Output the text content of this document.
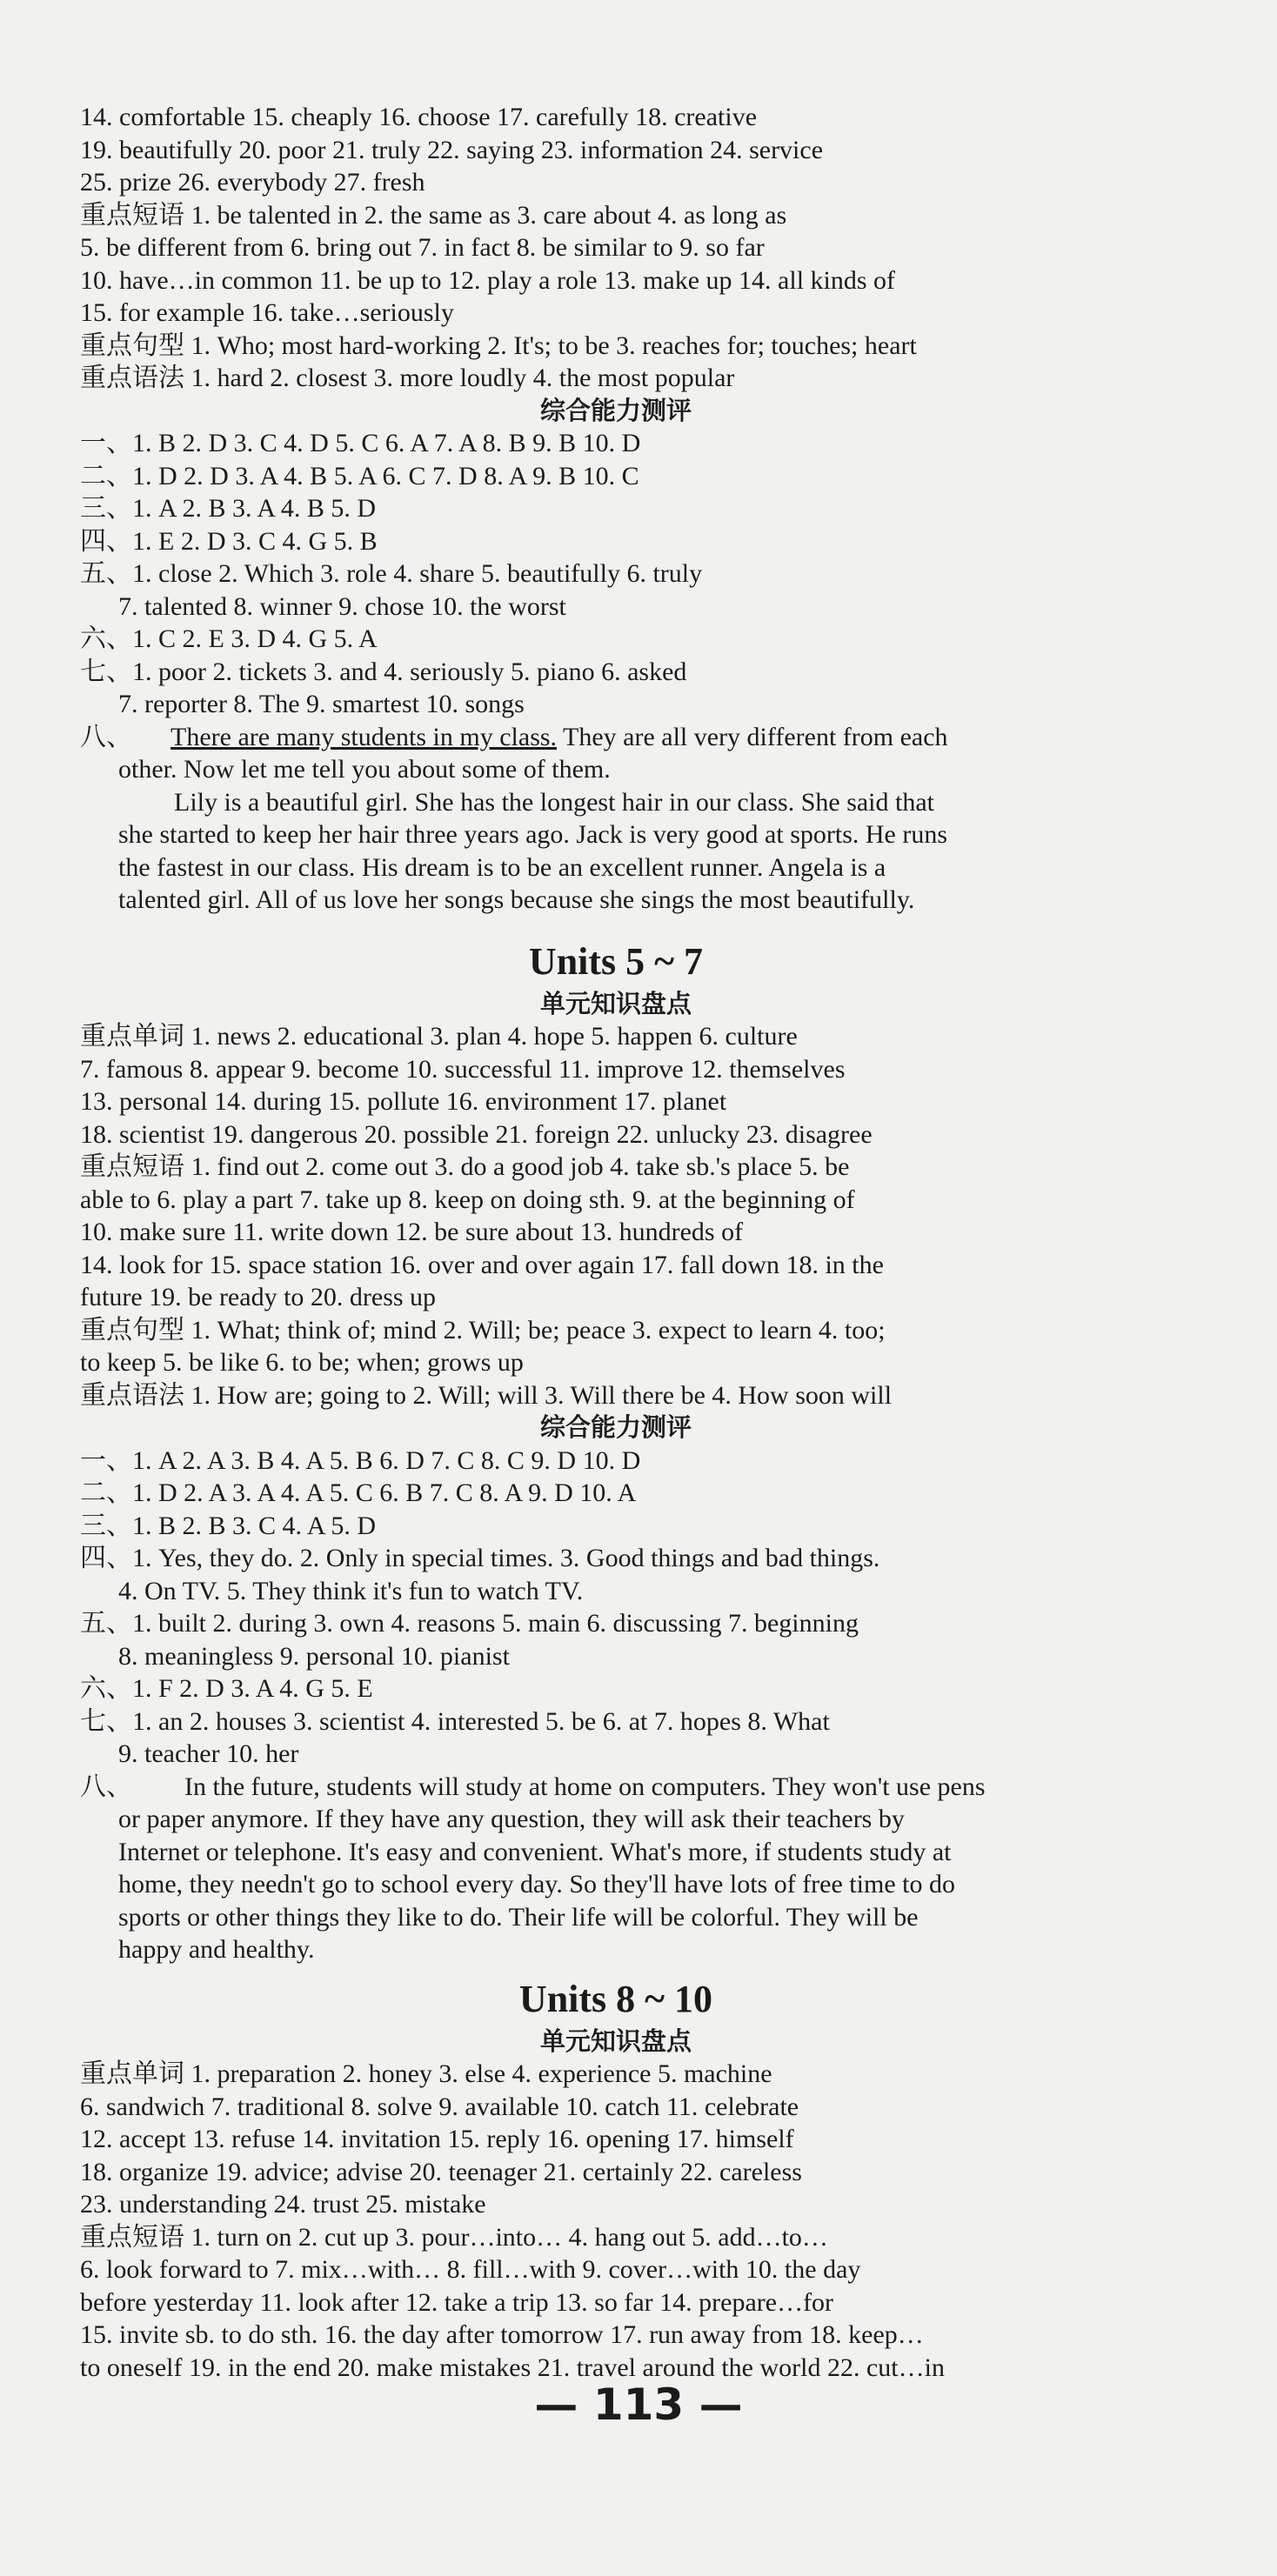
14. comfortable 15. cheaply 16. choose 17. carefully 18. creative
19. beautifully 20. poor 21. truly 22. saying 23. information 24. service
25. prize 26. everybody 27. fresh
重点短语 1. be talented in 2. the same as 3. care about 4. as long as
5. be different from 6. bring out 7. in fact 8. be similar to 9. so far
10. have…in common 11. be up to 12. play a role 13. make up 14. all kinds of
15. for example 16. take…seriously
重点句型 1. Who; most hard-working 2. It's; to be 3. reaches for; touches; heart
重点语法 1. hard 2. closest 3. more loudly 4. the most popular
综合能力测评
一、1. B 2. D 3. C 4. D 5. C 6. A 7. A 8. B 9. B 10. D
二、1. D 2. D 3. A 4. B 5. A 6. C 7. D 8. A 9. B 10. C
三、1. A 2. B 3. A 4. B 5. D
四、1. E 2. D 3. C 4. G 5. B
五、1. close 2. Which 3. role 4. share 5. beautifully 6. truly
7. talented 8. winner 9. chose 10. the worst
六、1. C 2. E 3. D 4. G 5. A
七、1. poor 2. tickets 3. and 4. seriously 5. piano 6. asked
7. reporter 8. The 9. smartest 10. songs
八、 There are many students in my class. They are all very different from each
other. Now let me tell you about some of them.
Lily is a beautiful girl. She has the longest hair in our class. She said that
she started to keep her hair three years ago. Jack is very good at sports. He runs
the fastest in our class. His dream is to be an excellent runner. Angela is a
talented girl. All of us love her songs because she sings the most beautifully.
Units 5 ~ 7
单元知识盘点
重点单词 1. news 2. educational 3. plan 4. hope 5. happen 6. culture
7. famous 8. appear 9. become 10. successful 11. improve 12. themselves
13. personal 14. during 15. pollute 16. environment 17. planet
18. scientist 19. dangerous 20. possible 21. foreign 22. unlucky 23. disagree
重点短语 1. find out 2. come out 3. do a good job 4. take sb.'s place 5. be
able to 6. play a part 7. take up 8. keep on doing sth. 9. at the beginning of
10. make sure 11. write down 12. be sure about 13. hundreds of
14. look for 15. space station 16. over and over again 17. fall down 18. in the
future 19. be ready to 20. dress up
重点句型 1. What; think of; mind 2. Will; be; peace 3. expect to learn 4. too;
to keep 5. be like 6. to be; when; grows up
重点语法 1. How are; going to 2. Will; will 3. Will there be 4. How soon will
综合能力测评
一、1. A 2. A 3. B 4. A 5. B 6. D 7. C 8. C 9. D 10. D
二、1. D 2. A 3. A 4. A 5. C 6. B 7. C 8. A 9. D 10. A
三、1. B 2. B 3. C 4. A 5. D
四、1. Yes, they do. 2. Only in special times. 3. Good things and bad things.
4. On TV. 5. They think it's fun to watch TV.
五、1. built 2. during 3. own 4. reasons 5. main 6. discussing 7. beginning
8. meaningless 9. personal 10. pianist
六、1. F 2. D 3. A 4. G 5. E
七、1. an 2. houses 3. scientist 4. interested 5. be 6. at 7. hopes 8. What
9. teacher 10. her
八、 In the future, students will study at home on computers. They won't use pens
or paper anymore. If they have any question, they will ask their teachers by
Internet or telephone. It's easy and convenient. What's more, if students study at
home, they needn't go to school every day. So they'll have lots of free time to do
sports or other things they like to do. Their life will be colorful. They will be
happy and healthy.
Units 8 ~ 10
单元知识盘点
重点单词 1. preparation 2. honey 3. else 4. experience 5. machine
6. sandwich 7. traditional 8. solve 9. available 10. catch 11. celebrate
12. accept 13. refuse 14. invitation 15. reply 16. opening 17. himself
18. organize 19. advice; advise 20. teenager 21. certainly 22. careless
23. understanding 24. trust 25. mistake
重点短语 1. turn on 2. cut up 3. pour…into… 4. hang out 5. add…to…
6. look forward to 7. mix…with… 8. fill…with 9. cover…with 10. the day
before yesterday 11. look after 12. take a trip 13. so far 14. prepare…for
15. invite sb. to do sth. 16. the day after tomorrow 17. run away from 18. keep…
to oneself 19. in the end 20. make mistakes 21. travel around the world 22. cut…in
— 113 —
